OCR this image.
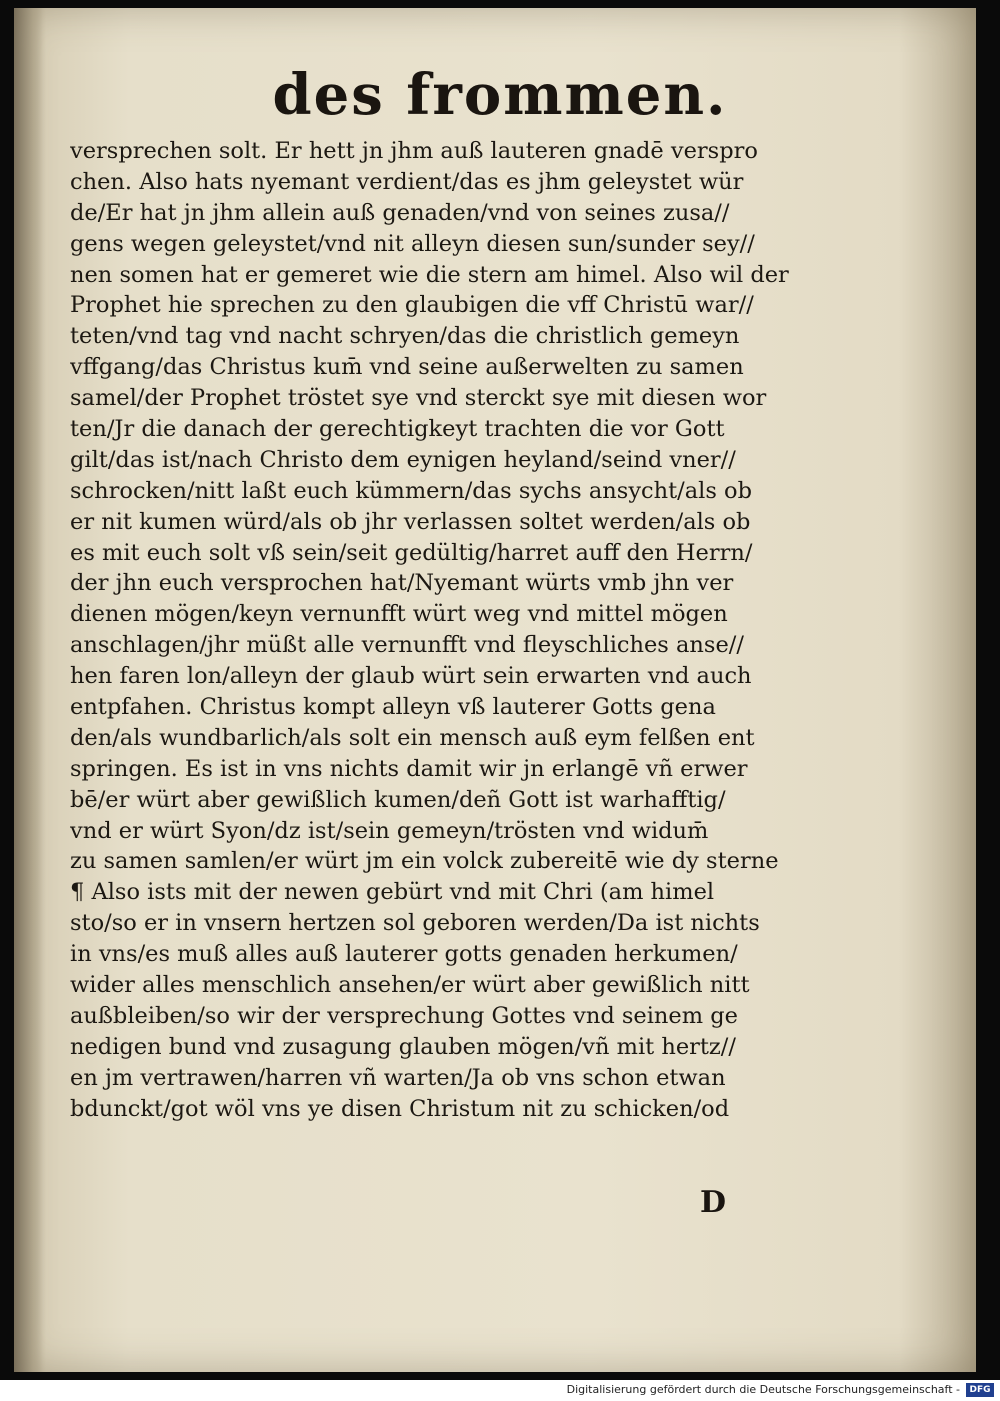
des frommen.
versprechen solt. Er hett jn jhm auß lauteren gnadē verspro
chen. Also hats nyemant verdient/das es jhm geleystet wür
de/Er hat jn jhm allein auß genaden/vnd von seines zusa//
gens wegen geleystet/vnd nit alleyn diesen sun/sunder sey//
nen somen hat er gemeret wie die stern am himel. Also wil der
Prophet hie sprechen zu den glaubigen die vff Christū war//
teten/vnd tag vnd nacht schryen/das die christlich gemeyn
vffgang/das Christus kum̄ vnd seine außerwelten zu samen
samel/der Prophet tröstet sye vnd sterckt sye mit diesen wor
ten/Jr die danach der gerechtigkeyt trachten die vor Gott
gilt/das ist/nach Christo dem eynigen heyland/seind vner//
schrocken/nitt laßt euch kümmern/das sychs ansycht/als ob
er nit kumen würd/als ob jhr verlassen soltet werden/als ob
es mit euch solt vß sein/seit gedültig/harret auff den Herrn/
der jhn euch versprochen hat/Nyemant würts vmb jhn ver
dienen mögen/keyn vernunfft würt weg vnd mittel mögen
anschlagen/jhr müßt alle vernunfft vnd fleyschliches anse//
hen faren lon/alleyn der glaub würt sein erwarten vnd auch
entpfahen. Christus kompt alleyn vß lauterer Gotts gena
den/als wundbarlich/als solt ein mensch auß eym felßen ent
springen. Es ist in vns nichts damit wir jn erlangē vñ erwer
bē/er würt aber gewißlich kumen/deñ Gott ist warhafftig/
vnd er würt Syon/dz ist/sein gemeyn/trösten vnd widum̄
zu samen samlen/er würt jm ein volck zubereitē wie dy sterne
¶ Also ists mit der newen gebürt vnd mit Chri (am himel
sto/so er in vnsern hertzen sol geboren werden/Da ist nichts
in vns/es muß alles auß lauterer gotts genaden herkumen/
wider alles menschlich ansehen/er würt aber gewißlich nitt
außbleiben/so wir der versprechung Gottes vnd seinem ge
nedigen bund vnd zusagung glauben mögen/vñ mit hertz//
en jm vertrawen/harren vñ warten/Ja ob vns schon etwan
bdunckt/got wöl vns ye disen Christum nit zu schicken/od
D
Digitalisierung gefördert durch die Deutsche Forschungsgemeinschaft -	DFG
